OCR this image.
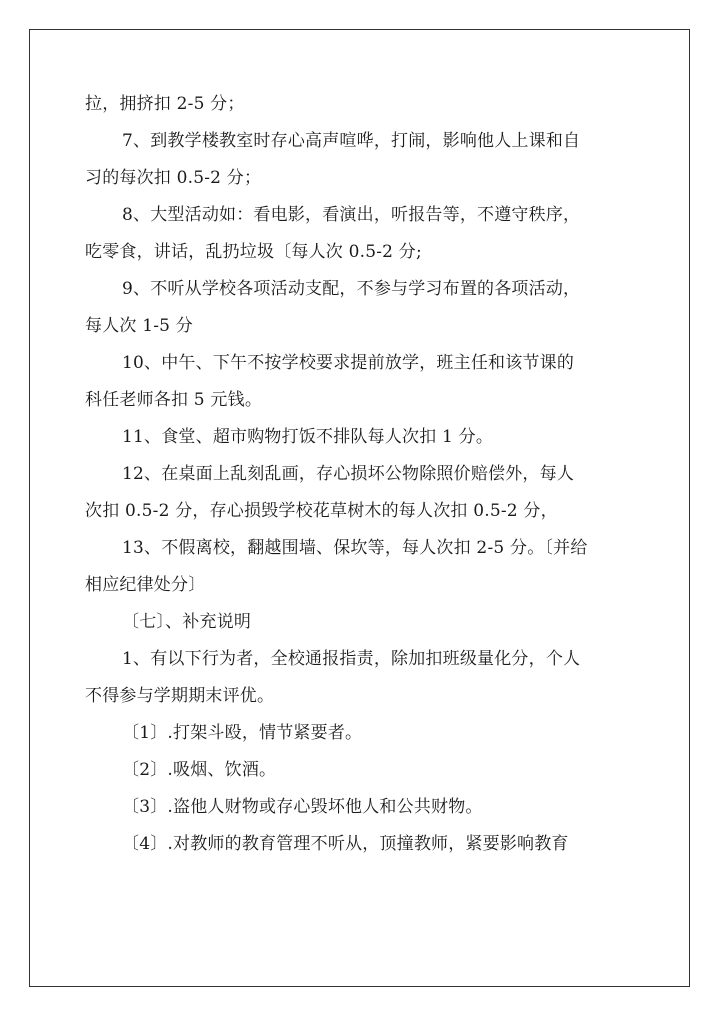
拉，拥挤扣 2-5 分；
7、到教学楼教室时存心高声喧哗，打闹，影响他人上课和自
习的每次扣 0.5-2 分；
8、大型活动如：看电影，看演出，听报告等，不遵守秩序，
吃零食，讲话，乱扔垃圾〔每人次 0.5-2 分;
9、不听从学校各项活动支配，不参与学习布置的各项活动，
每人次 1-5 分
10、中午、下午不按学校要求提前放学，班主任和该节课的
科任老师各扣 5 元钱。
11、食堂、超市购物打饭不排队每人次扣 1 分。
12、在桌面上乱刻乱画，存心损坏公物除照价赔偿外，每人
次扣 0.5-2 分，存心损毁学校花草树木的每人次扣 0.5-2 分，
13、不假离校，翻越围墙、保坎等，每人次扣 2-5 分。〔并给
相应纪律处分〕
〔七〕、补充说明
1、有以下行为者，全校通报指责，除加扣班级量化分，个人
不得参与学期期末评优。
〔1〕.打架斗殴，情节紧要者。
〔2〕.吸烟、饮酒。
〔3〕.盗他人财物或存心毁坏他人和公共财物。
〔4〕.对教师的教育管理不听从，顶撞教师，紧要影响教育
